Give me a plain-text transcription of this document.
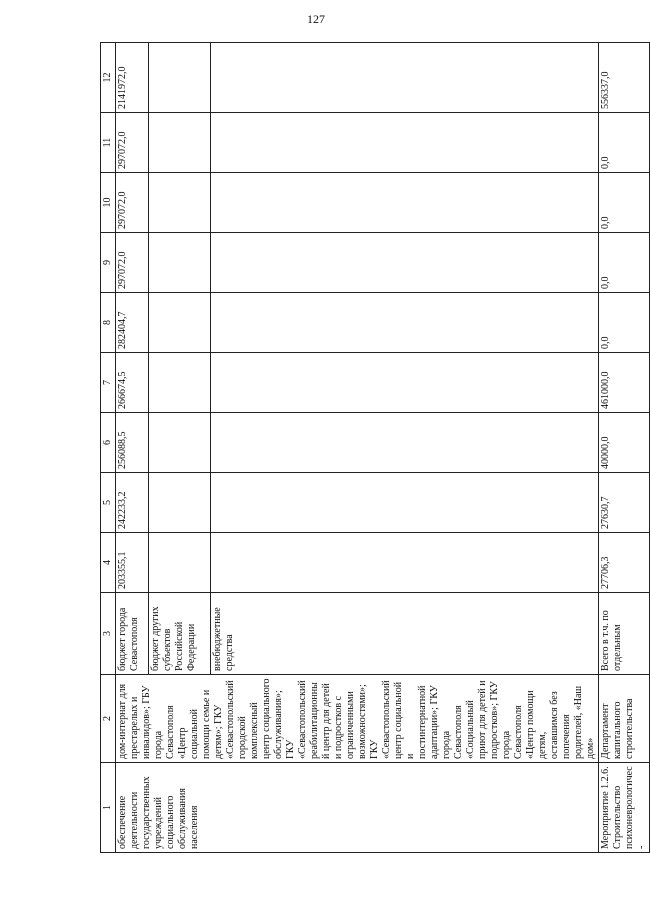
127
1	2	3	4	5	6	7	8	9	10	11	12
обеспечение деятельности государственных учреждений социального обслуживания населения	дом-интернат для престарелых и инвалидов»; ГБУ города Севастополя «Центр социальной помощи семье и детям»; ГКУ «Севастопольский городской комплексный центр социального обслуживания»; ГКУ «Севастопольский реабилитационный центр для детей и подростков с ограниченными возможностями»; ГКУ «Севастопольский центр социальной и постинтернатной адаптации»; ГКУ города Севастополя «Социальный приют для детей и подростков»; ГКУ города Севастополя «Центр помощи детям, оставшимся без попечения родителей, «Наш дом»	бюджет города Севастополя	203355,1	242233,2	256088,5	266674,5	282404,7	297072,0	297072,0	297072,0	2141972,0
		бюджет других субъектов Российской Федерации									
		внебюджетные средства									
Мероприятие 1.2.6. Строительство психоневрологичес-	Департамент капитального строительства	Всего в т.ч. по отдельным	27706,3	27630,7	40000,0	461000,0	0,0	0,0	0,0	0,0	556337,0
